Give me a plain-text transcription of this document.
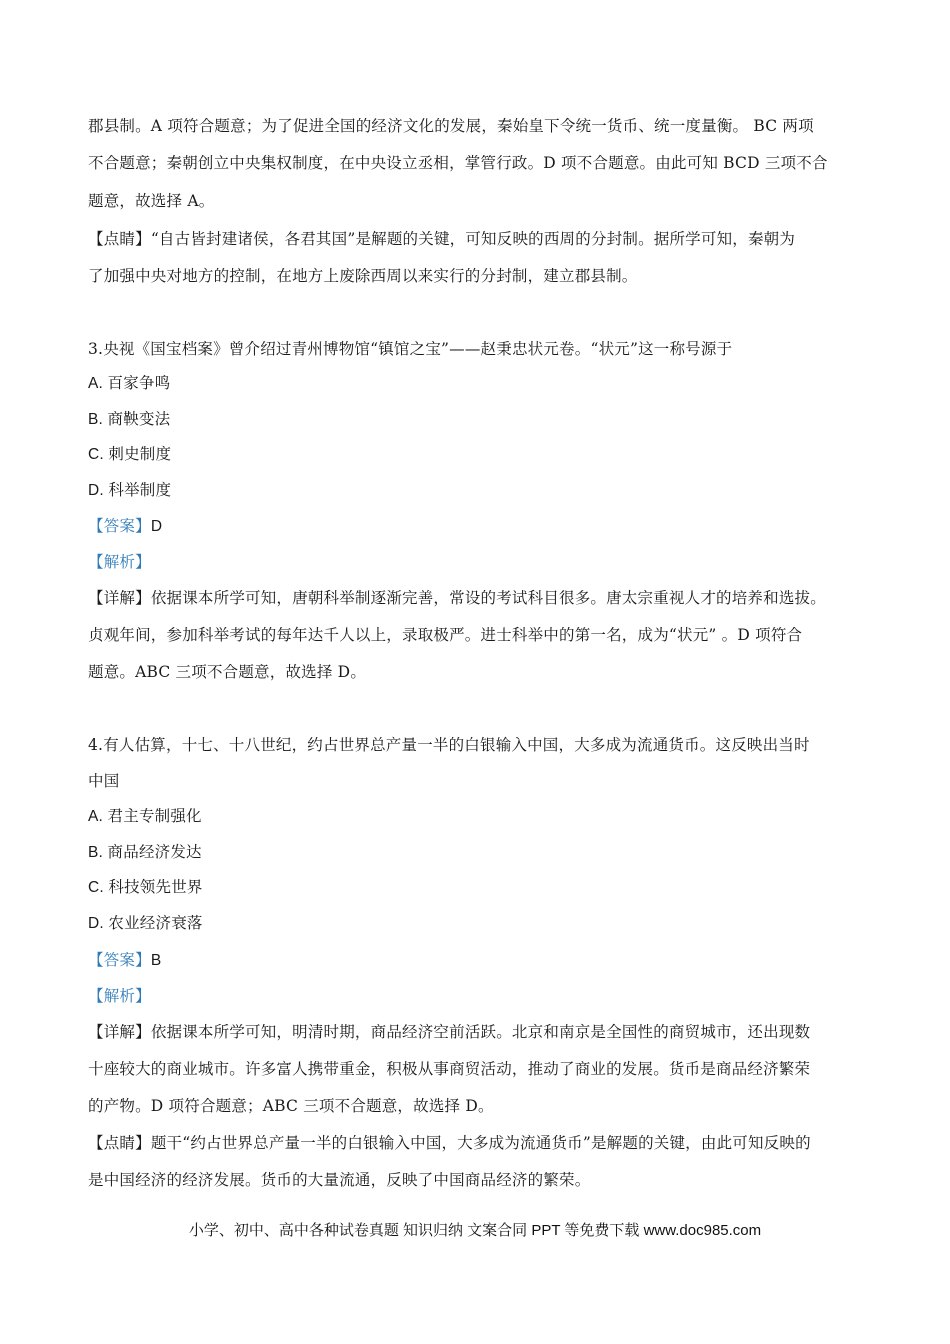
郡县制。A 项符合题意；为了促进全国的经济文化的发展，秦始皇下令统一货币、统一度量衡。 BC 两项
不合题意；秦朝创立中央集权制度，在中央设立丞相，掌管行政。D 项不合题意。由此可知 BCD 三项不合
题意，故选择 A。
【点睛】“自古皆封建诸侯，各君其国”是解题的关键，可知反映的西周的分封制。据所学可知，秦朝为
了加强中央对地方的控制，在地方上废除西周以来实行的分封制，建立郡县制。
3.央视《国宝档案》曾介绍过青州博物馆“镇馆之宝”——赵秉忠状元卷。“状元”这一称号源于
A. 百家争鸣
B. 商鞅变法
C. 刺史制度
D. 科举制度
【答案】D
【解析】
【详解】依据课本所学可知，唐朝科举制逐渐完善，常设的考试科目很多。唐太宗重视人才的培养和选拔。
贞观年间，参加科举考试的每年达千人以上，录取极严。进士科举中的第一名，成为“状元” 。D 项符合
题意。ABC 三项不合题意，故选择 D。
4.有人估算，十七、十八世纪，约占世界总产量一半的白银输入中国，大多成为流通货币。这反映出当时
中国
A. 君主专制强化
B. 商品经济发达
C. 科技领先世界
D. 农业经济衰落
【答案】B
【解析】
【详解】依据课本所学可知，明清时期，商品经济空前活跃。北京和南京是全国性的商贸城市，还出现数
十座较大的商业城市。许多富人携带重金，积极从事商贸活动，推动了商业的发展。货币是商品经济繁荣
的产物。D 项符合题意；ABC 三项不合题意，故选择 D。
【点睛】题干“约占世界总产量一半的白银输入中国，大多成为流通货币”是解题的关键，由此可知反映的
是中国经济的经济发展。货币的大量流通，反映了中国商品经济的繁荣。
小学、初中、高中各种试卷真题 知识归纳 文案合同 PPT 等免费下载 www.doc985.com
